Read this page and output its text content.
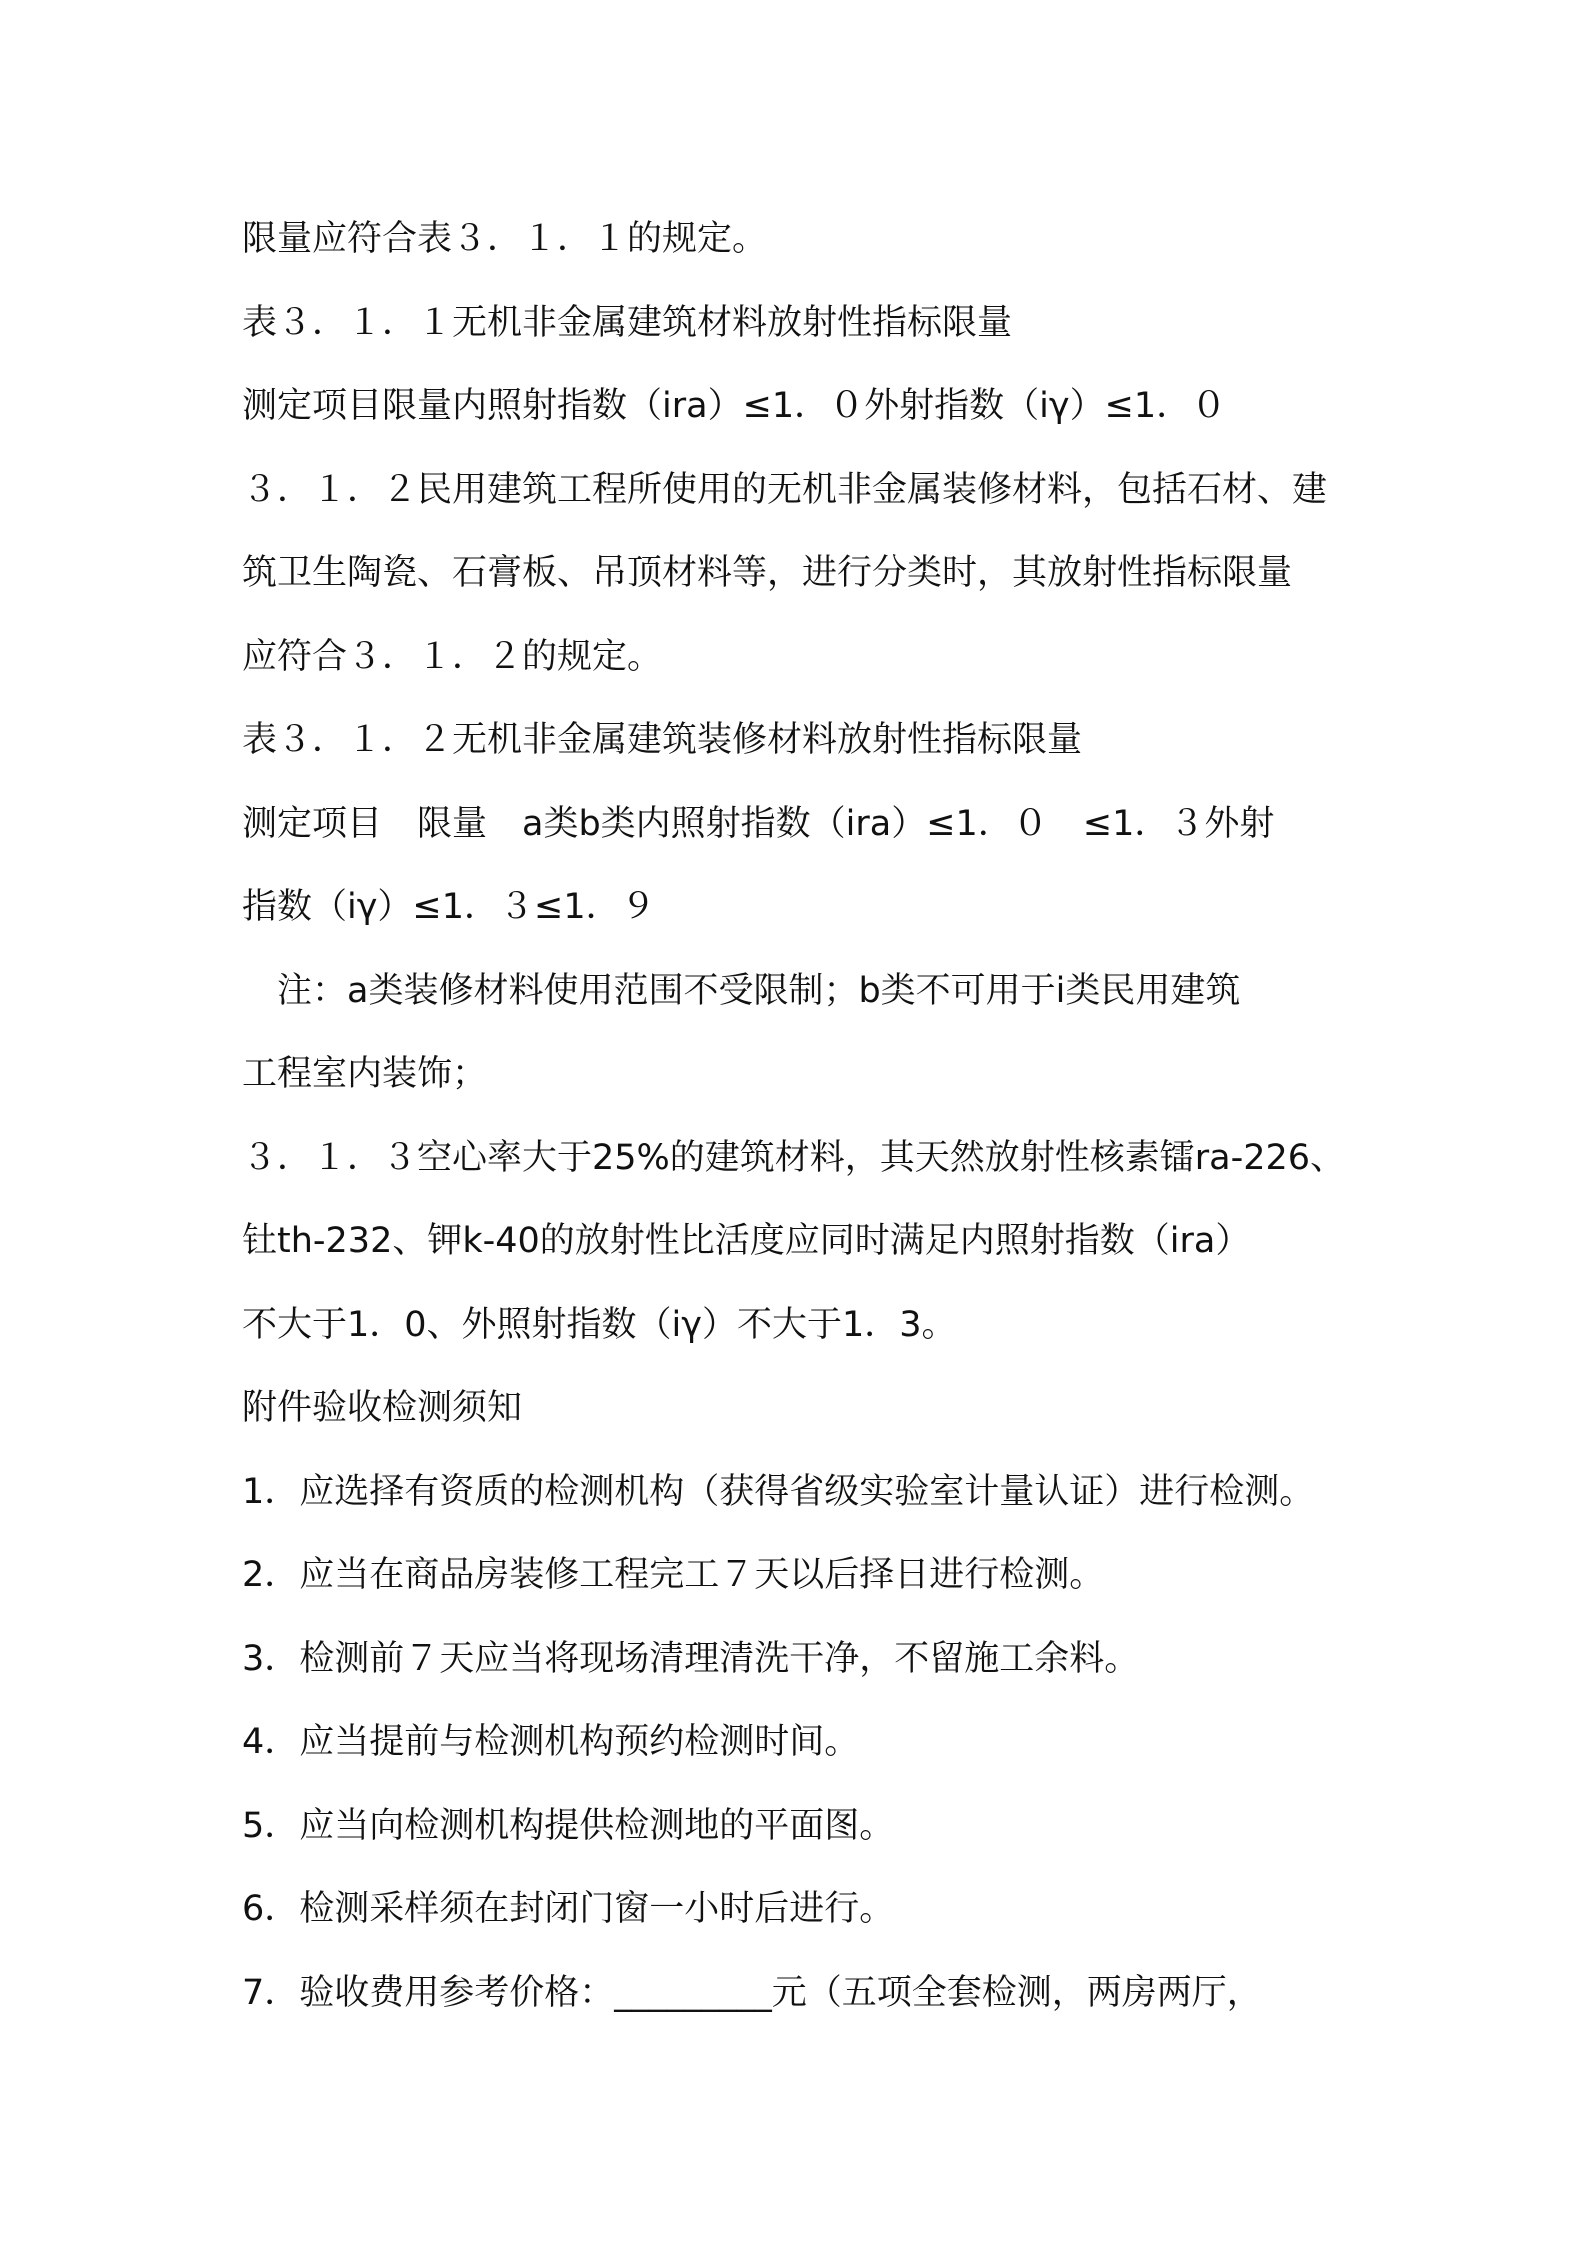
限量应符合表３．１．１的规定。

表３．１．１无机非金属建筑材料放射性指标限量

测定项目限量内照射指数（ira）≤1．０外射指数（iγ）≤1．０

３．１．２民用建筑工程所使用的无机非金属装修材料，包括石材、建

筑卫生陶瓷、石膏板、吊顶材料等，进行分类时，其放射性指标限量

应符合３．１．２的规定。

表３．１．２无机非金属建筑装修材料放射性指标限量

测定项目　限量　a类b类内照射指数（ira）≤1．０　≤1．３外射

指数（iγ）≤1．３≤1．９

　注：a类装修材料使用范围不受限制；b类不可用于ⅰ类民用建筑

工程室内装饰；

３．１．３空心率大于25%的建筑材料，其天然放射性核素镭ra-226、

钍th-232、钾k-40的放射性比活度应同时满足内照射指数（ira）

不大于1．0、外照射指数（iγ）不大于1．3。

附件验收检测须知

1．应选择有资质的检测机构（获得省级实验室计量认证）进行检测。

2．应当在商品房装修工程完工７天以后择日进行检测。

3．检测前７天应当将现场清理清洗干净，不留施工余料。

4．应当提前与检测机构预约检测时间。

5．应当向检测机构提供检测地的平面图。

6．检测采样须在封闭门窗一小时后进行。

7．验收费用参考价格：_________元（五项全套检测，两房两厅，
